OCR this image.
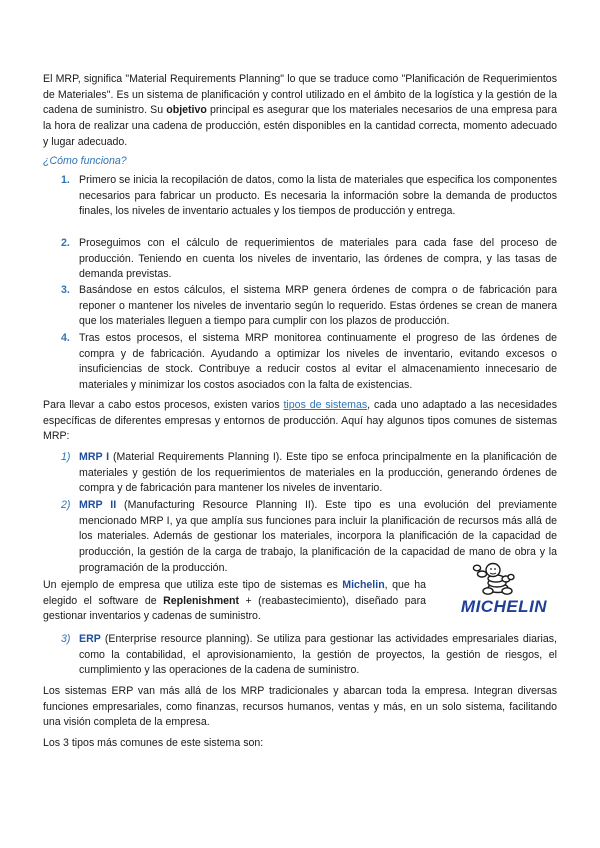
El MRP, significa "Material Requirements Planning" lo que se traduce como "Planificación de Requerimientos de Materiales". Es un sistema de planificación y control utilizado en el ámbito de la logística y la gestión de la cadena de suministro. Su objetivo principal es asegurar que los materiales necesarios de una empresa para la hora de realizar una cadena de producción, estén disponibles en la cantidad correcta, momento adecuado y lugar adecuado.

¿Cómo funciona?

1. Primero se inicia la recopilación de datos, como la lista de materiales que especifica los componentes necesarios para fabricar un producto. Es necesaria la información sobre la demanda de productos finales, los niveles de inventario actuales y los tiempos de producción y entrega.

2. Proseguimos con el cálculo de requerimientos de materiales para cada fase del proceso de producción. Teniendo en cuenta los niveles de inventario, las órdenes de compra, y las tasas de demanda previstas.

3. Basándose en estos cálculos, el sistema MRP genera órdenes de compra o de fabricación para reponer o mantener los niveles de inventario según lo requerido. Estas órdenes se crean de manera que los materiales lleguen a tiempo para cumplir con los plazos de producción.

4. Tras estos procesos, el sistema MRP monitorea continuamente el progreso de las órdenes de compra y de fabricación. Ayudando a optimizar los niveles de inventario, evitando excesos o insuficiencias de stock. Contribuye a reducir costos al evitar el almacenamiento innecesario de materiales y minimizar los costos asociados con la falta de existencias.

Para llevar a cabo estos procesos, existen varios tipos de sistemas, cada uno adaptado a las necesidades específicas de diferentes empresas y entornos de producción. Aquí hay algunos tipos comunes de sistemas MRP:

1) MRP I (Material Requirements Planning I). Este tipo se enfoca principalmente en la planificación de materiales y gestión de los requerimientos de materiales en la producción, generando órdenes de compra y de fabricación para mantener los niveles de inventario.

2) MRP II (Manufacturing Resource Planning II). Este tipo es una evolución del previamente mencionado MRP I, ya que amplía sus funciones para incluir la planificación de recursos más allá de los materiales. Además de gestionar los materiales, incorpora la planificación de la capacidad de producción, la gestión de la carga de trabajo, la planificación de la capacidad de mano de obra y la programación de la producción.

Un ejemplo de empresa que utiliza este tipo de sistemas es Michelin, que ha elegido el software de Replenishment + (reabastecimiento), diseñado para gestionar inventarios y cadenas de suministro.

MICHELIN
3) ERP (Enterprise resource planning). Se utiliza para gestionar las actividades empresariales diarias, como la contabilidad, el aprovisionamiento, la gestión de proyectos, la gestión de riesgos, el cumplimiento y las operaciones de la cadena de suministro.

Los sistemas ERP van más allá de los MRP tradicionales y abarcan toda la empresa. Integran diversas funciones empresariales, como finanzas, recursos humanos, ventas y más, en un solo sistema, facilitando una visión completa de la empresa.

Los 3 tipos más comunes de este sistema son:
